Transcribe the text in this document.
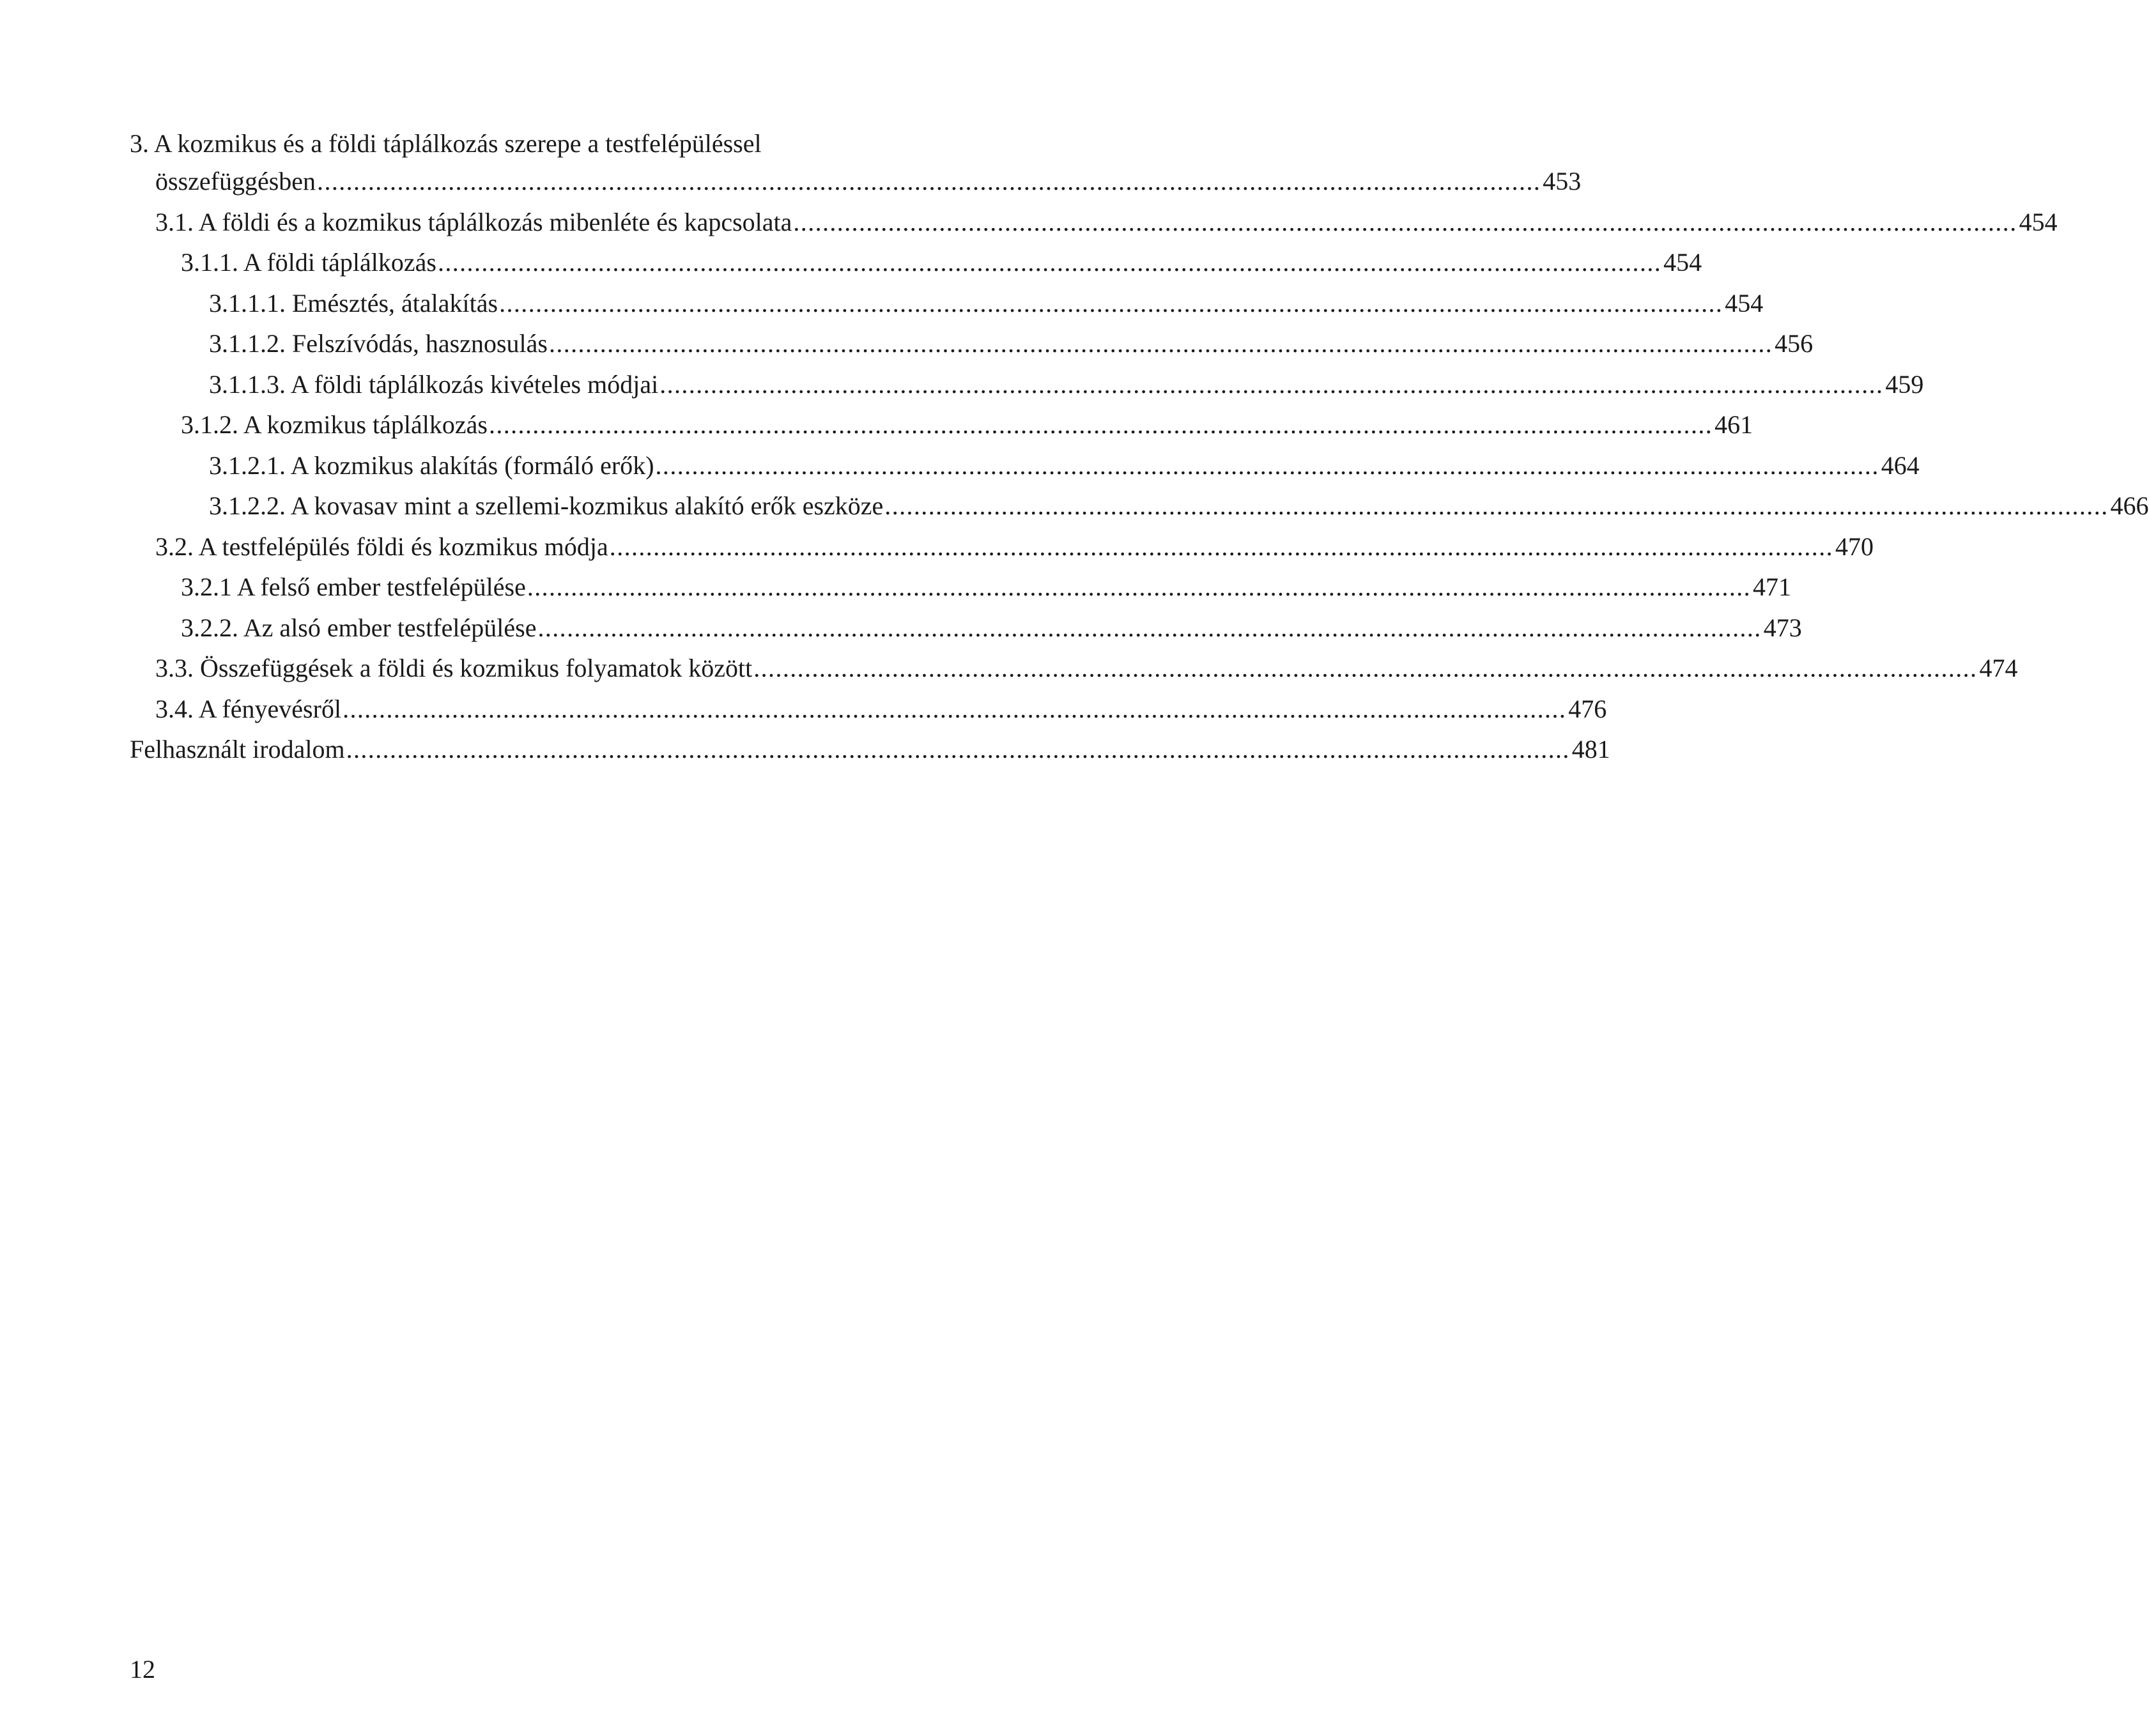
3. A kozmikus és a földi táplálkozás szerepe a testfelépüléssel
összefüggésben ........................................................................................................................................................................ 453
3.1. A földi és a kozmikus táplálkozás mibenléte és kapcsolata ........................................................................................................................................................................ 454
3.1.1. A földi táplálkozás ........................................................................................................................................................................ 454
3.1.1.1. Emésztés, átalakítás ........................................................................................................................................................................ 454
3.1.1.2. Felszívódás, hasznosulás ........................................................................................................................................................................ 456
3.1.1.3. A földi táplálkozás kivételes módjai ........................................................................................................................................................................ 459
3.1.2. A kozmikus táplálkozás ........................................................................................................................................................................ 461
3.1.2.1. A kozmikus alakítás (formáló erők) ........................................................................................................................................................................ 464
3.1.2.2. A kovasav mint a szellemi-kozmikus alakító erők eszköze ........................................................................................................................................................................ 466
3.2. A testfelépülés földi és kozmikus módja ........................................................................................................................................................................ 470
3.2.1 A felső ember testfelépülése ........................................................................................................................................................................ 471
3.2.2. Az alsó ember testfelépülése ........................................................................................................................................................................ 473
3.3. Összefüggések a földi és kozmikus folyamatok között ........................................................................................................................................................................ 474
3.4. A fényevésről ........................................................................................................................................................................ 476
Felhasznált irodalom ........................................................................................................................................................................ 481
12
